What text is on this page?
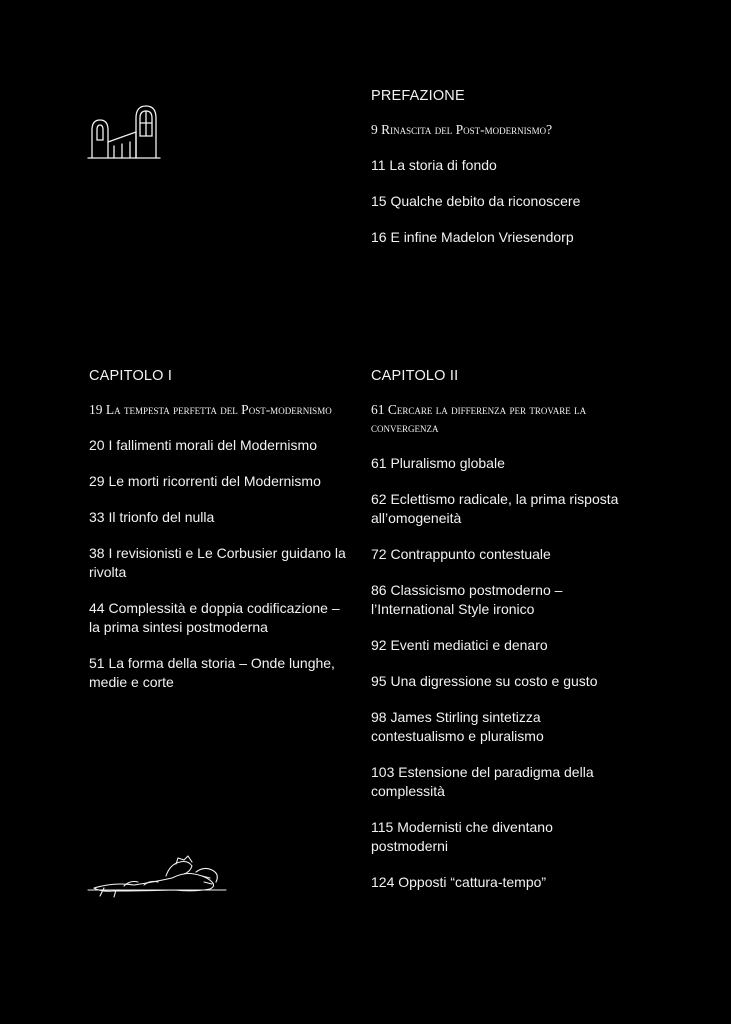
PREFAZIONE
9 Rinascita del Post-modernismo?
11 La storia di fondo
15 Qualche debito da riconoscere
16 E infine Madelon Vriesendorp
CAPITOLO I
19 La tempesta perfetta del Post-modernismo
20 I fallimenti morali del Modernismo
29 Le morti ricorrenti del Modernismo
33 Il trionfo del nulla
38 I revisionisti e Le Corbusier guidano la rivolta
44 Complessità e doppia codificazione – la prima sintesi postmoderna
51 La forma della storia – Onde lunghe, medie e corte
CAPITOLO II
61 Cercare la differenza per trovare la convergenza
61 Pluralismo globale
62 Eclettismo radicale, la prima risposta all’omogeneità
72 Contrappunto contestuale
86 Classicismo postmoderno – l’International Style ironico
92 Eventi mediatici e denaro
95 Una digressione su costo e gusto
98 James Stirling sintetizza contestualismo e pluralismo
103 Estensione del paradigma della complessità
115 Modernisti che diventano postmoderni
124 Opposti “cattura-tempo”
